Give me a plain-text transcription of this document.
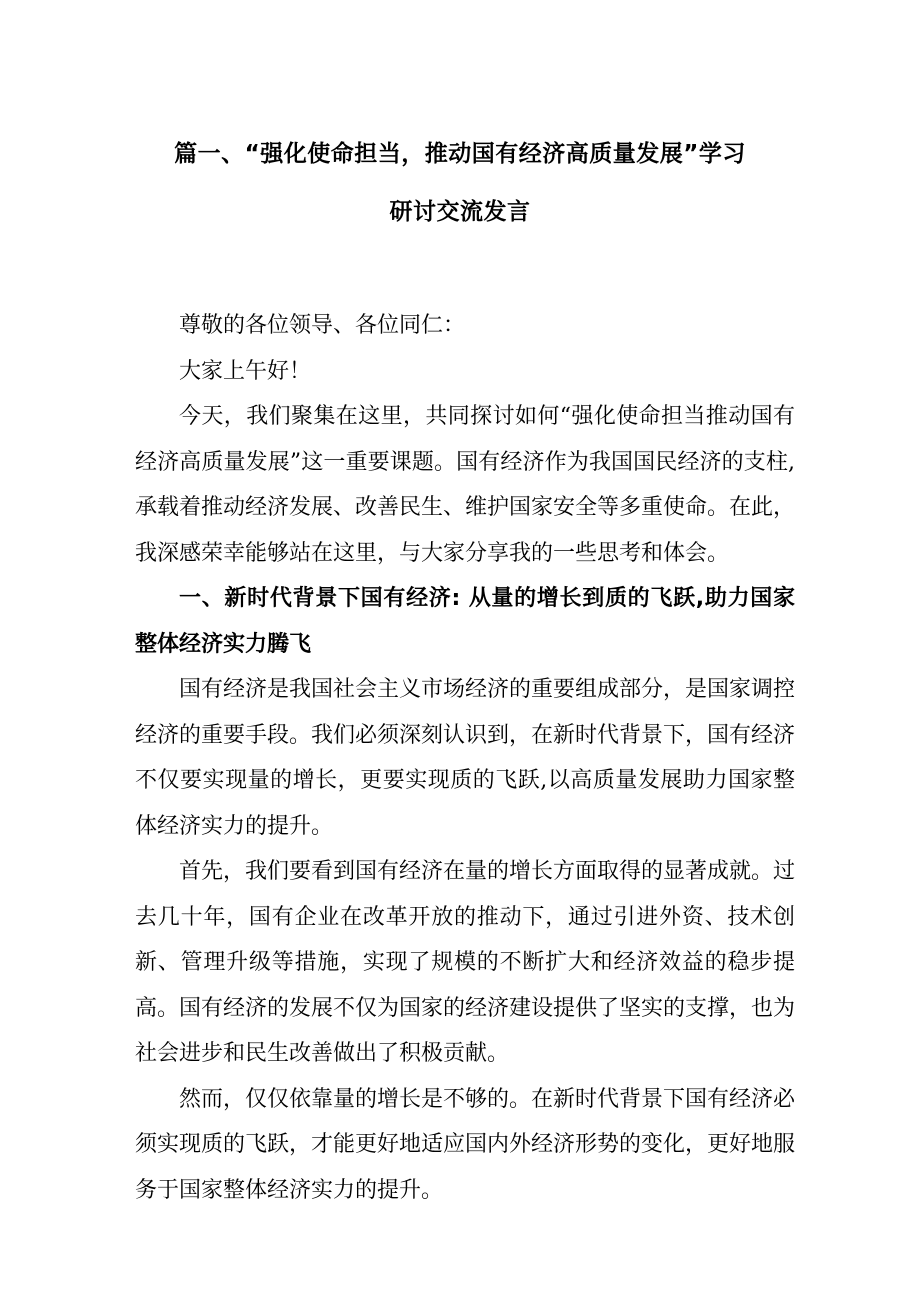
篇一、“强化使命担当，推动国有经济高质量发展”学习
研讨交流发言

尊敬的各位领导、各位同仁：

大家上午好！

今天，我们聚集在这里，共同探讨如何“强化使命担当推动国有经济高质量发展”这一重要课题。国有经济作为我国国民经济的支柱,承载着推动经济发展、改善民生、维护国家安全等多重使命。在此，我深感荣幸能够站在这里，与大家分享我的一些思考和体会。

一、新时代背景下国有经济: 从量的增长到质的飞跃,助力国家整体经济实力腾飞

国有经济是我国社会主义市场经济的重要组成部分，是国家调控经济的重要手段。我们必须深刻认识到，在新时代背景下，国有经济不仅要实现量的增长，更要实现质的飞跃,以高质量发展助力国家整体经济实力的提升。

首先，我们要看到国有经济在量的增长方面取得的显著成就。过去几十年，国有企业在改革开放的推动下，通过引进外资、技术创新、管理升级等措施，实现了规模的不断扩大和经济效益的稳步提高。国有经济的发展不仅为国家的经济建设提供了坚实的支撑，也为社会进步和民生改善做出了积极贡献。

然而，仅仅依靠量的增长是不够的。在新时代背景下国有经济必须实现质的飞跃，才能更好地适应国内外经济形势的变化，更好地服务于国家整体经济实力的提升。
